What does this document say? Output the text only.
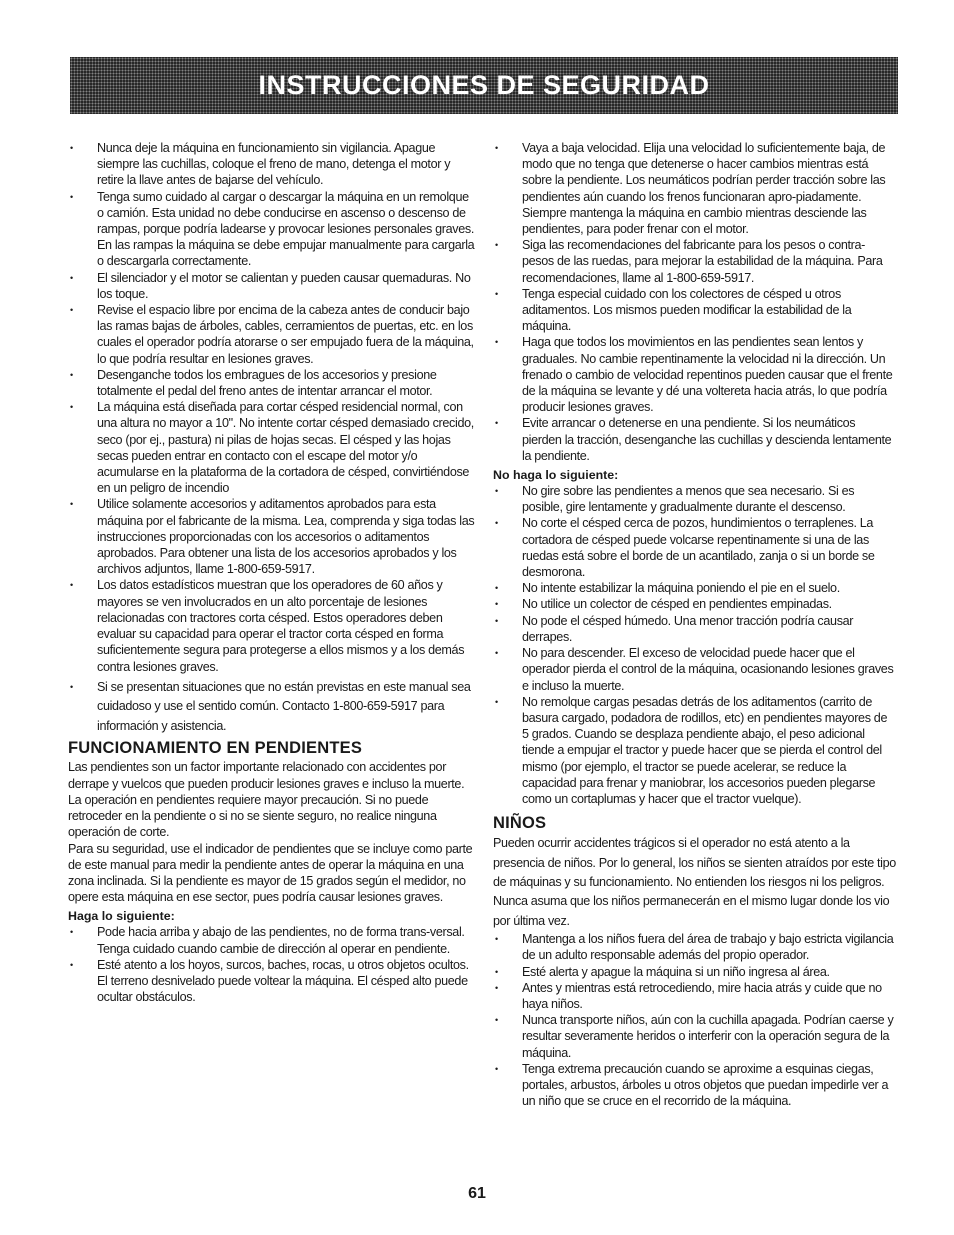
INSTRUCCIONES DE SEGURIDAD
• Nunca deje la máquina en funcionamiento sin vigilancia. Apague siempre las cuchillas, coloque el freno de mano, detenga el motor y retire la llave antes de bajarse del vehículo.
• Tenga sumo cuidado al cargar o descargar la máquina en un remolque o camión. Esta unidad no debe conducirse en ascenso o descenso de rampas, porque podría ladearse y provocar lesiones personales graves. En las rampas la máquina se debe empujar manualmente para cargarla o descargarla correctamente.
• El silenciador y el motor se calientan y pueden causar quemaduras. No los toque.
• Revise el espacio libre por encima de la cabeza antes de conducir bajo las ramas bajas de árboles, cables, cerramientos de puertas, etc. en los cuales el operador podría atorarse o ser empujado fuera de la máquina, lo que podría resultar en lesiones graves.
• Desenganche todos los embragues de los accesorios y presione totalmente el pedal del freno antes de intentar arrancar el motor.
• La máquina está diseñada para cortar césped residencial normal, con una altura no mayor a 10". No intente cortar césped demasiado crecido, seco (por ej., pastura) ni pilas de hojas secas. El césped y las hojas secas pueden entrar en contacto con el escape del motor y/o acumularse en la plataforma de la cortadora de césped, convirtiéndose en un peligro de incendio
• Utilice solamente accesorios y aditamentos aprobados para esta máquina por el fabricante de la misma. Lea, comprenda y siga todas las instrucciones proporcionadas con los accesorios o aditamentos aprobados. Para obtener una lista de los accesorios aprobados y los archivos adjuntos, llame 1-800-659-5917.
• Los datos estadísticos muestran que los operadores de 60 años y mayores se ven involucrados en un alto porcentaje de lesiones relacionadas con tractores corta césped. Estos operadores deben evaluar su capacidad para operar el tractor corta césped en forma suficientemente segura para protegerse a ellos mismos y a los demás contra lesiones graves.
• Si se presentan situaciones que no están previstas en este manual sea cuidadoso y use el sentido común. Contacto 1-800-659-5917 para información y asistencia.
FUNCIONAMIENTO EN PENDIENTES

Las pendientes son un factor importante relacionado con accidentes por derrape y vuelcos que pueden producir lesiones graves e incluso la muerte. La operación en pendientes requiere mayor precaución. Si no puede retroceder en la pendiente o si no se siente seguro, no realice ninguna operación de corte.

Para su seguridad, use el indicador de pendientes que se incluye como parte de este manual para medir la pendiente antes de operar la máquina en una zona inclinada. Si la pendiente es mayor de 15 grados según el medidor, no opere esta máquina en ese sector, pues podría causar lesiones graves.

Haga lo siguiente:
• Pode hacia arriba y abajo de las pendientes, no de forma trans-versal. Tenga cuidado cuando cambie de dirección al operar en pendiente.
• Esté atento a los hoyos, surcos, baches, rocas, u otros objetos ocultos. El terreno desnivelado puede voltear la máquina. El césped alto puede ocultar obstáculos.
• Vaya a baja velocidad. Elija una velocidad lo suficientemente baja, de modo que no tenga que detenerse o hacer cambios mientras está sobre la pendiente. Los neumáticos podrían perder tracción sobre las pendientes aún cuando los frenos funcionaran apro-piadamente. Siempre mantenga la máquina en cambio mientras desciende las pendientes, para poder frenar con el motor.
• Siga las recomendaciones del fabricante para los pesos o contra-pesos de las ruedas, para mejorar la estabilidad de la máquina. Para recomendaciones, llame al 1-800-659-5917.
• Tenga especial cuidado con los colectores de césped u otros aditamentos. Los mismos pueden modificar la estabilidad de la máquina.
• Haga que todos los movimientos en las pendientes sean lentos y graduales. No cambie repentinamente la velocidad ni la dirección. Un frenado o cambio de velocidad repentinos pueden causar que el frente de la máquina se levante y dé una voltereta hacia atrás, lo que podría producir lesiones graves.
• Evite arrancar o detenerse en una pendiente. Si los neumáticos pierden la tracción, desenganche las cuchillas y descienda lentamente la pendiente.
No haga lo siguiente:
• No gire sobre las pendientes a menos que sea necesario. Si es posible, gire lentamente y gradualmente durante el descenso.
• No corte el césped cerca de pozos, hundimientos o terraplenes. La cortadora de césped puede volcarse repentinamente si una de las ruedas está sobre el borde de un acantilado, zanja o si un borde se desmorona.
• No intente estabilizar la máquina poniendo el pie en el suelo.
• No utilice un colector de césped en pendientes empinadas.
• No pode el césped húmedo. Una menor tracción podría causar derrapes.
• No para descender. El exceso de velocidad puede hacer que el operador pierda el control de la máquina, ocasionando lesiones graves e incluso la muerte.
• No remolque cargas pesadas detrás de los aditamentos (carrito de basura cargado, podadora de rodillos, etc) en pendientes mayores de 5 grados. Cuando se desplaza pendiente abajo, el peso adicional tiende a empujar el tractor y puede hacer que se pierda el control del mismo (por ejemplo, el tractor se puede acelerar, se reduce la capacidad para frenar y maniobrar, los accesorios pueden plegarse como un cortaplumas y hacer que el tractor vuelque).
NIÑOS

Pueden ocurrir accidentes trágicos si el operador no está atento a la presencia de niños. Por lo general, los niños se sienten atraídos por este tipo de máquinas y su funcionamiento. No entienden los riesgos ni los peligros. Nunca asuma que los niños permanecerán en el mismo lugar donde los vio por última vez.

• Mantenga a los niños fuera del área de trabajo y bajo estricta vigilancia de un adulto responsable además del propio operador.
• Esté alerta y apague la máquina si un niño ingresa al área.
• Antes y mientras está retrocediendo, mire hacia atrás y cuide que no haya niños.
• Nunca transporte niños, aún con la cuchilla apagada. Podrían caerse y resultar severamente heridos o interferir con la operación segura de la máquina.
• Tenga extrema precaución cuando se aproxime a esquinas ciegas, portales, arbustos, árboles u otros objetos que puedan impedirle ver a un niño que se cruce en el recorrido de la máquina.
61
